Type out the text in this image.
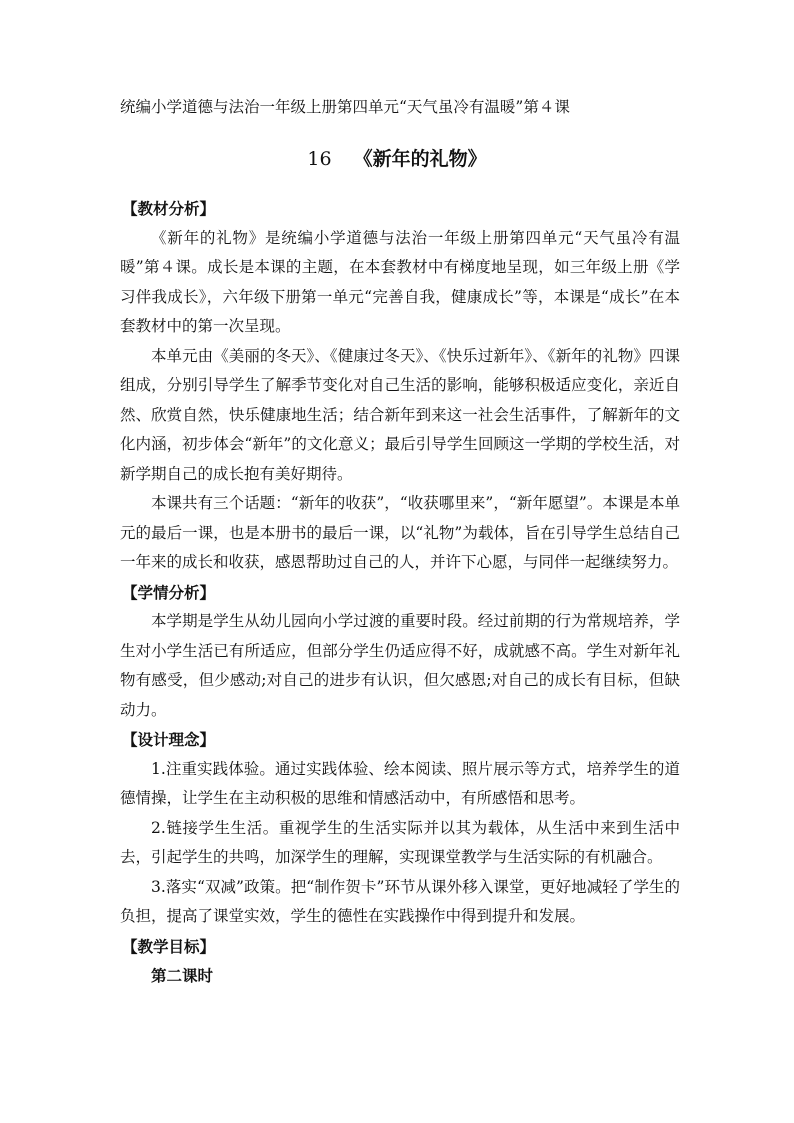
统编小学道德与法治一年级上册第四单元“天气虽冷有温暖”第４课
16 《新年的礼物》
【教材分析】

《新年的礼物》是统编小学道德与法治一年级上册第四单元“天气虽冷有温暖”第４课。成长是本课的主题，在本套教材中有梯度地呈现，如三年级上册《学习伴我成长》，六年级下册第一单元“完善自我，健康成长”等，本课是“成长”在本套教材中的第一次呈现。

本单元由《美丽的冬天》、《健康过冬天》、《快乐过新年》、《新年的礼物》四课组成，分别引导学生了解季节变化对自己生活的影响，能够积极适应变化，亲近自然、欣赏自然，快乐健康地生活；结合新年到来这一社会生活事件，了解新年的文化内涵，初步体会“新年”的文化意义；最后引导学生回顾这一学期的学校生活，对新学期自己的成长抱有美好期待。

本课共有三个话题：“新年的收获”，“收获哪里来”，“新年愿望”。本课是本单元的最后一课，也是本册书的最后一课，以“礼物”为载体，旨在引导学生总结自己一年来的成长和收获，感恩帮助过自己的人，并许下心愿，与同伴一起继续努力。

【学情分析】

本学期是学生从幼儿园向小学过渡的重要时段。经过前期的行为常规培养，学生对小学生活已有所适应，但部分学生仍适应得不好，成就感不高。学生对新年礼物有感受，但少感动;对自己的进步有认识，但欠感恩;对自己的成长有目标，但缺动力。

【设计理念】

1.注重实践体验。通过实践体验、绘本阅读、照片展示等方式，培养学生的道德情操，让学生在主动积极的思维和情感活动中，有所感悟和思考。

2.链接学生生活。重视学生的生活实际并以其为载体，从生活中来到生活中去，引起学生的共鸣，加深学生的理解，实现课堂教学与生活实际的有机融合。

3.落实“双减”政策。把“制作贺卡”环节从课外移入课堂，更好地减轻了学生的负担，提高了课堂实效，学生的德性在实践操作中得到提升和发展。

【教学目标】
第二课时
